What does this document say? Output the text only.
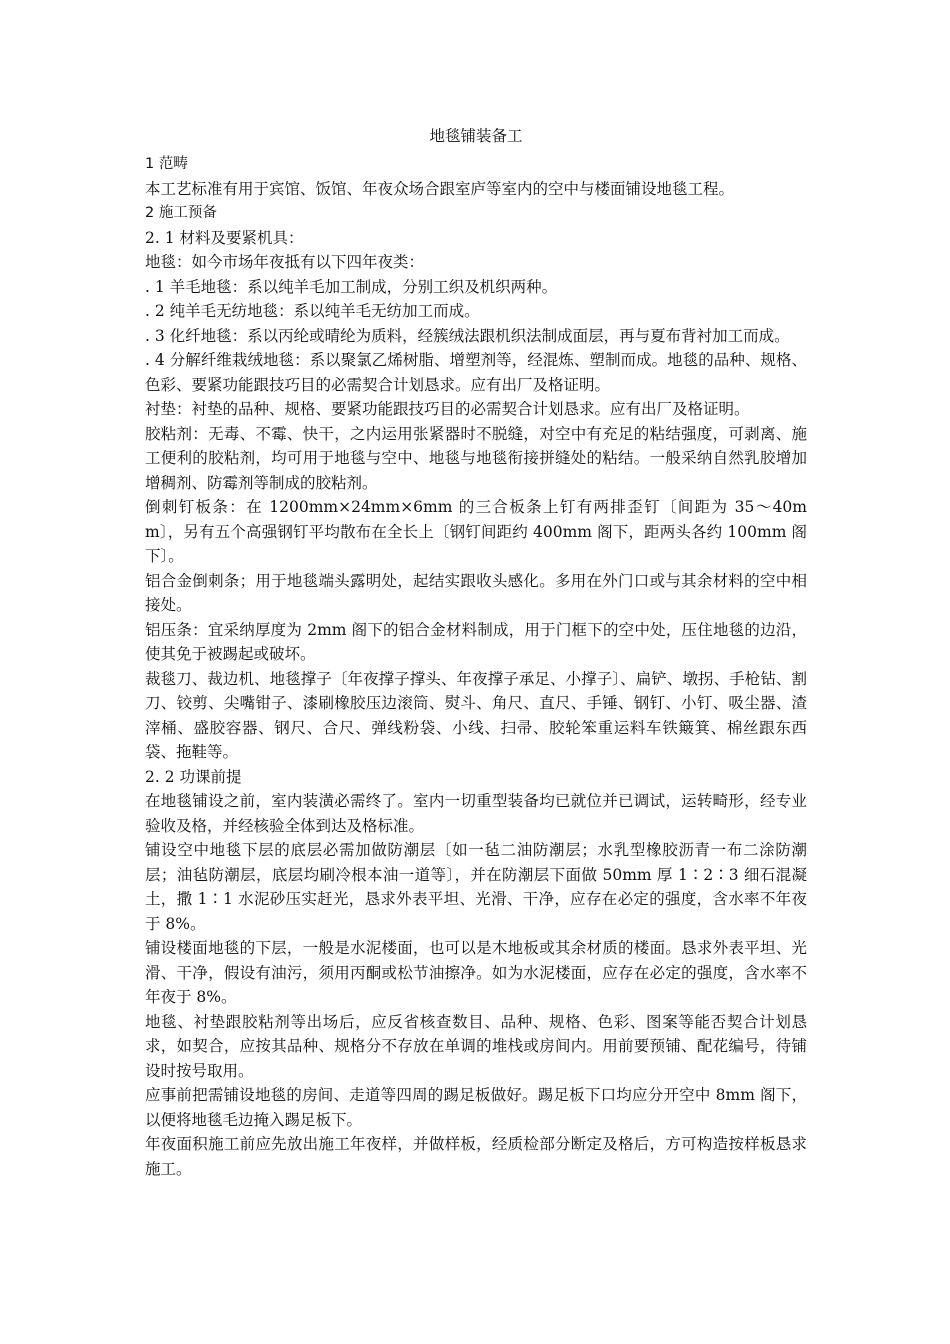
地毯铺装备工
1 范畴
本工艺标准有用于宾馆、饭馆、年夜众场合跟室庐等室内的空中与楼面铺设地毯工程。
2 施工预备
2. 1 材料及要紧机具：
地毯：如今市场年夜抵有以下四年夜类：
. 1 羊毛地毯：系以纯羊毛加工制成，分别工织及机织两种。
. 2 纯羊毛无纺地毯：系以纯羊毛无纺加工而成。
. 3 化纤地毯：系以丙纶或晴纶为质料，经簇绒法跟机织法制成面层，再与夏布背衬加工而成。
. 4 分解纤维栽绒地毯：系以聚氯乙烯树脂、增塑剂等，经混炼、塑制而成。地毯的品种、规格、色彩、要紧功能跟技巧目的必需契合计划恳求。应有出厂及格证明。
衬垫：衬垫的品种、规格、要紧功能跟技巧目的必需契合计划恳求。应有出厂及格证明。
胶粘剂：无毒、不霉、快干，之内运用张紧器时不脱缝，对空中有充足的粘结强度，可剥离、施工便利的胶粘剂，均可用于地毯与空中、地毯与地毯衔接拼缝处的粘结。一般采纳自然乳胶增加增稠剂、防霉剂等制成的胶粘剂。
倒刺钉板条：在 1200mm×24mm×6mm 的三合板条上钉有两排歪钉〔间距为 35～40mm〕，另有五个高强钢钉平均散布在全长上〔钢钉间距约 400mm 阁下，距两头各约 100mm 阁下〕。
铝合金倒刺条；用于地毯端头露明处，起结实跟收头感化。多用在外门口或与其余材料的空中相接处。
铝压条：宜采纳厚度为 2mm 阁下的铝合金材料制成，用于门框下的空中处，压住地毯的边沿，使其免于被踢起或破坏。
裁毯刀、裁边机、地毯撑子〔年夜撑子撑头、年夜撑子承足、小撑子〕、扁铲、墩拐、手枪钻、割刀、铰剪、尖嘴钳子、漆刷橡胶压边滚筒、熨斗、角尺、直尺、手锤、钢钉、小钉、吸尘器、渣滓桶、盛胶容器、钢尺、合尺、弹线粉袋、小线、扫帚、胶轮笨重运料车铁簸箕、棉丝跟东西袋、拖鞋等。
2. 2 功课前提
在地毯铺设之前，室内装潢必需终了。室内一切重型装备均已就位并已调试，运转畸形，经专业验收及格，并经核验全体到达及格标准。
铺设空中地毯下层的底层必需加做防潮层〔如一毡二油防潮层；水乳型橡胶沥青一布二涂防潮层；油毡防潮层，底层均刷冷根本油一道等〕，并在防潮层下面做 50mm 厚 1∶2∶3 细石混凝土，撒 1∶1 水泥砂压实赶光，恳求外表平坦、光滑、干净，应存在必定的强度，含水率不年夜于 8%。
铺设楼面地毯的下层，一般是水泥楼面，也可以是木地板或其余材质的楼面。恳求外表平坦、光滑、干净，假设有油污，须用丙酮或松节油擦净。如为水泥楼面，应存在必定的强度，含水率不年夜于 8%。
地毯、衬垫跟胶粘剂等出场后，应反省核查数目、品种、规格、色彩、图案等能否契合计划恳求，如契合，应按其品种、规格分不存放在单调的堆栈或房间内。用前要预铺、配花编号，待铺设时按号取用。
应事前把需铺设地毯的房间、走道等四周的踢足板做好。踢足板下口均应分开空中 8mm 阁下，以便将地毯毛边掩入踢足板下。
年夜面积施工前应先放出施工年夜样，并做样板，经质检部分断定及格后，方可构造按样板恳求施工。
